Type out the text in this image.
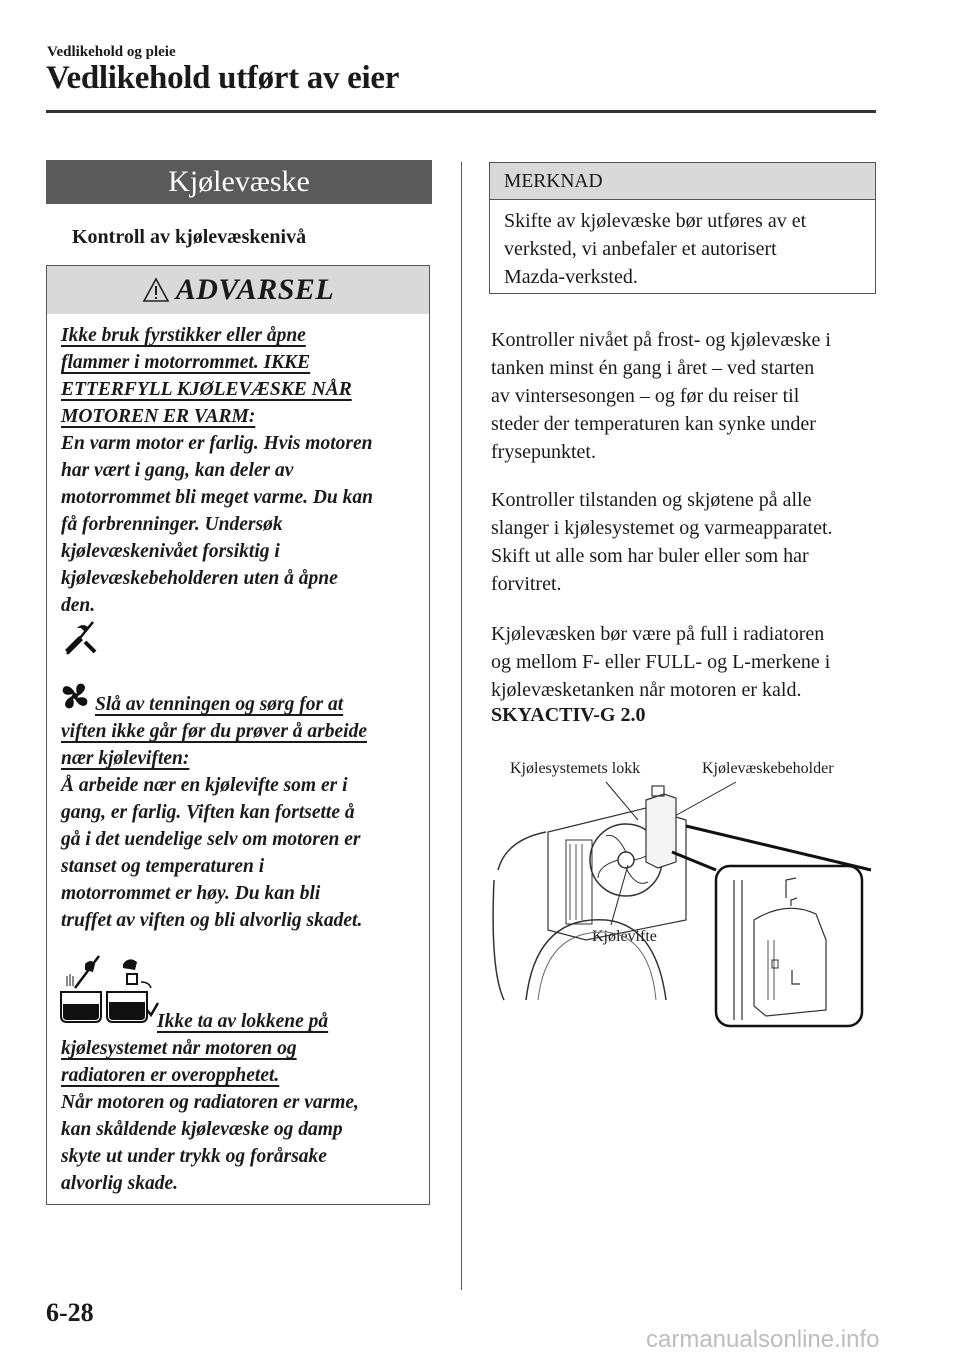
Vedlikehold og pleie
Vedlikehold utført av eier
Kjølevæske
Kontroll av kjølevæskenivå
ADVARSEL
Ikke bruk fyrstikker eller åpne
flammer i motorrommet. IKKE
ETTERFYLL KJØLEVÆSKE NÅR
MOTOREN ER VARM:
En varm motor er farlig. Hvis motoren
har vært i gang, kan deler av
motorrommet bli meget varme. Du kan
få forbrenninger. Undersøk
kjølevæskenivået forsiktig i
kjølevæskebeholderen uten å åpne
den.
Slå av tenningen og sørg for at
viften ikke går før du prøver å arbeide
nær kjøleviften:
Å arbeide nær en kjølevifte som er i
gang, er farlig. Viften kan fortsette å
gå i det uendelige selv om motoren er
stanset og temperaturen i
motorrommet er høy. Du kan bli
truffet av viften og bli alvorlig skadet.
Ikke ta av lokkene på
kjølesystemet når motoren og
radiatoren er overopphetet.
Når motoren og radiatoren er varme,
kan skåldende kjølevæske og damp
skyte ut under trykk og forårsake
alvorlig skade.
MERKNAD
Skifte av kjølevæske bør utføres av et
verksted, vi anbefaler et autorisert
Mazda-verksted.
Kontroller nivået på frost- og kjølevæske i
tanken minst én gang i året – ved starten
av vintersesongen – og før du reiser til
steder der temperaturen kan synke under
frysepunktet.
Kontroller tilstanden og skjøtene på alle
slanger i kjølesystemet og varmeapparatet.
Skift ut alle som har buler eller som har
forvitret.
Kjølevæsken bør være på full i radiatoren
og mellom F- eller FULL- og L-merkene i
kjølevæsketanken når motoren er kald.
SKYACTIV-G 2.0
Kjølesystemets lokk	Kjølevæskebeholder
Kjølevifte
6-28
carmanualsonline.info
